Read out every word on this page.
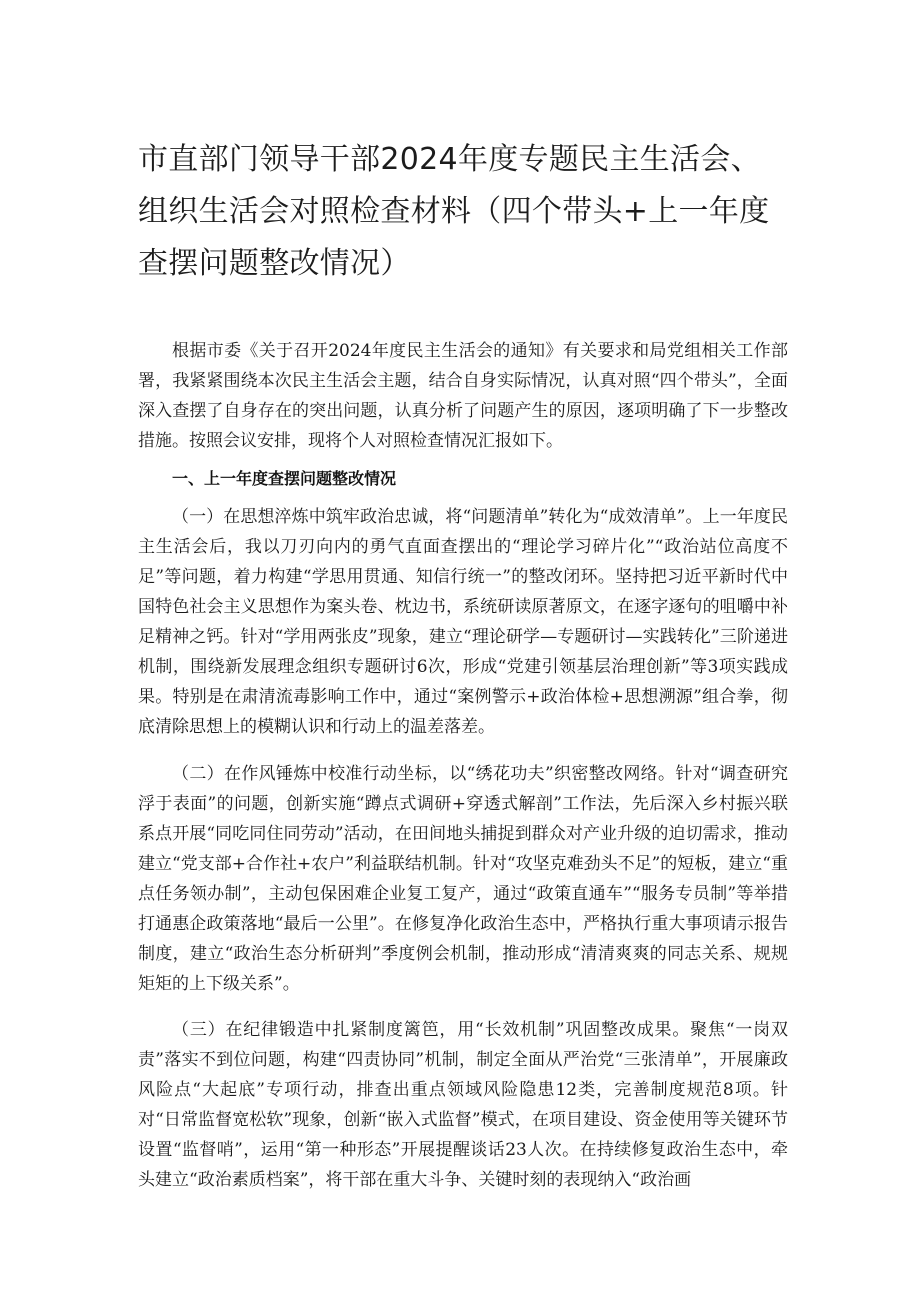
市直部门领导干部2024年度专题民主生活会、组织生活会对照检查材料（四个带头+上一年度查摆问题整改情况）

根据市委《关于召开2024年度民主生活会的通知》有关要求和局党组相关工作部署，我紧紧围绕本次民主生活会主题，结合自身实际情况，认真对照“四个带头”，全面深入查摆了自身存在的突出问题，认真分析了问题产生的原因，逐项明确了下一步整改措施。按照会议安排，现将个人对照检查情况汇报如下。

一、上一年度查摆问题整改情况

（一）在思想淬炼中筑牢政治忠诚，将“问题清单”转化为“成效清单”。上一年度民主生活会后，我以刀刃向内的勇气直面查摆出的“理论学习碎片化”“政治站位高度不足”等问题，着力构建“学思用贯通、知信行统一”的整改闭环。坚持把习近平新时代中国特色社会主义思想作为案头卷、枕边书，系统研读原著原文，在逐字逐句的咀嚼中补足精神之钙。针对“学用两张皮”现象，建立“理论研学—专题研讨—实践转化”三阶递进机制，围绕新发展理念组织专题研讨6次，形成“党建引领基层治理创新”等3项实践成果。特别是在肃清流毒影响工作中，通过“案例警示+政治体检+思想溯源”组合拳，彻底清除思想上的模糊认识和行动上的温差落差。

（二）在作风锤炼中校准行动坐标，以“绣花功夫”织密整改网络。针对“调查研究浮于表面”的问题，创新实施“蹲点式调研+穿透式解剖”工作法，先后深入乡村振兴联系点开展“同吃同住同劳动”活动，在田间地头捕捉到群众对产业升级的迫切需求，推动建立“党支部+合作社+农户”利益联结机制。针对“攻坚克难劲头不足”的短板，建立“重点任务领办制”，主动包保困难企业复工复产，通过“政策直通车”“服务专员制”等举措打通惠企政策落地“最后一公里”。在修复净化政治生态中，严格执行重大事项请示报告制度，建立“政治生态分析研判”季度例会机制，推动形成“清清爽爽的同志关系、规规矩矩的上下级关系”。

（三）在纪律锻造中扎紧制度篱笆，用“长效机制”巩固整改成果。聚焦“一岗双责”落实不到位问题，构建“四责协同”机制，制定全面从严治党“三张清单”，开展廉政风险点“大起底”专项行动，排查出重点领域风险隐患12类，完善制度规范8项。针对“日常监督宽松软”现象，创新“嵌入式监督”模式，在项目建设、资金使用等关键环节设置“监督哨”，运用“第一种形态”开展提醒谈话23人次。在持续修复政治生态中，牵头建立“政治素质档案”，将干部在重大斗争、关键时刻的表现纳入“政治画
